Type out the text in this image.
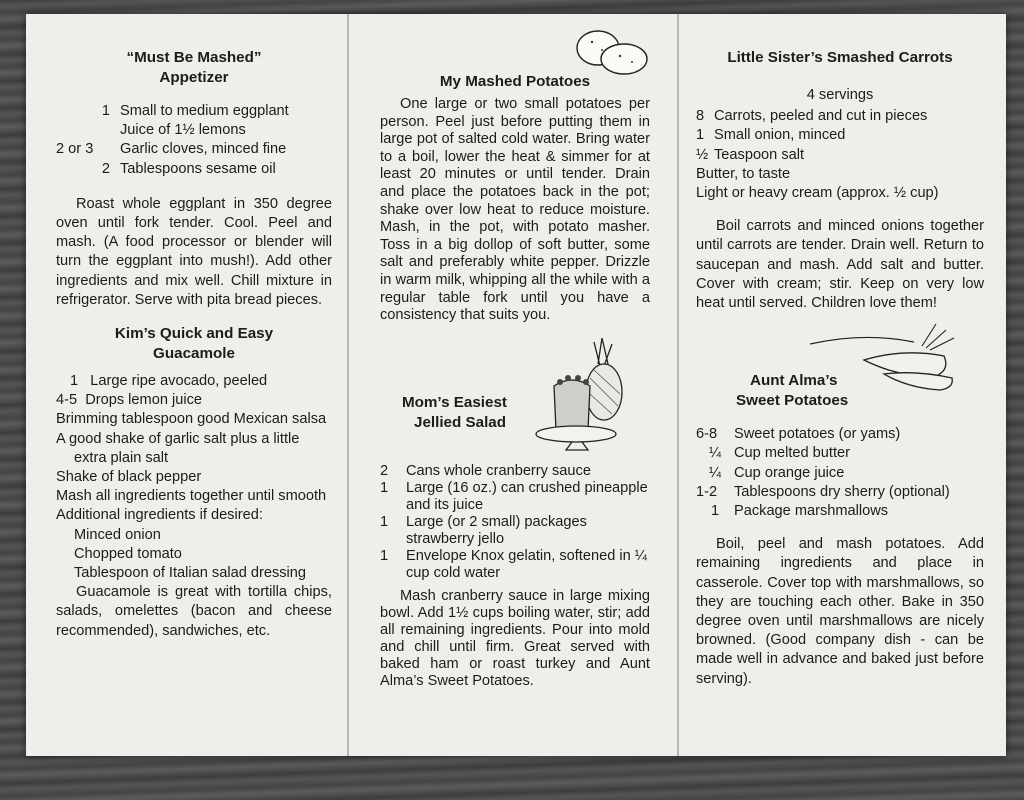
“Must Be Mashed”
Appetizer
1 Small to medium eggplant
Juice of 1½ lemons
2 or 3	Garlic cloves, minced fine
2 Tablespoons sesame oil

Roast whole eggplant in 350 degree oven until fork tender. Cool. Peel and mash. (A food processor or blender will turn the eggplant into mush!). Add other ingredients and mix well. Chill mixture in refrigerator. Serve with pita bread pieces.

Kim’s Quick and Easy
Guacamole
1 Large ripe avocado, peeled
4-5 Drops lemon juice
Brimming tablespoon good Mexican salsa
A good shake of garlic salt plus a little extra plain salt
Shake of black pepper
Mash all ingredients together until smooth
Additional ingredients if desired:
Minced onion
Chopped tomato
Tablespoon of Italian salad dressing

Guacamole is great with tortilla chips, salads, omelettes (bacon and cheese recommended), sandwiches, etc.

My Mashed Potatoes

One large or two small potatoes per person. Peel just before putting them in large pot of salted cold water. Bring water to a boil, lower the heat & simmer for at least 20 minutes or until tender. Drain and place the potatoes back in the pot; shake over low heat to reduce moisture. Mash, in the pot, with potato masher. Toss in a big dollop of soft butter, some salt and preferably white pepper. Drizzle in warm milk, whipping all the while with a regular table fork until you have a consistency that suits you.

Mom’s Easiest
Jellied Salad
2	Cans whole cranberry sauce
1	Large (16 oz.) can crushed pineapple and its juice
1	Large (or 2 small) packages strawberry jello
1	Envelope Knox gelatin, softened in ¼ cup cold water

Mash cranberry sauce in large mixing bowl. Add 1½ cups boiling water, stir; add all remaining ingredients. Pour into mold and chill until firm. Great served with baked ham or roast turkey and Aunt Alma’s Sweet Potatoes.

Little Sister’s Smashed Carrots
4 servings
8 Carrots, peeled and cut in pieces
1 Small onion, minced
½ Teaspoon salt
Butter, to taste
Light or heavy cream (approx. ½ cup)

Boil carrots and minced onions together until carrots are tender. Drain well. Return to saucepan and mash. Add salt and butter. Cover with cream; stir. Keep on very low heat until served. Children love them!

Aunt Alma’s
Sweet Potatoes
6-8	Sweet potatoes (or yams)
¼ Cup melted butter
¼ Cup orange juice
1-2	Tablespoons dry sherry (optional)
1	Package marshmallows

Boil, peel and mash potatoes. Add remaining ingredients and place in casserole. Cover top with marshmallows, so they are touching each other. Bake in 350 degree oven until marshmallows are nicely browned. (Good company dish - can be made well in advance and baked just before serving).
